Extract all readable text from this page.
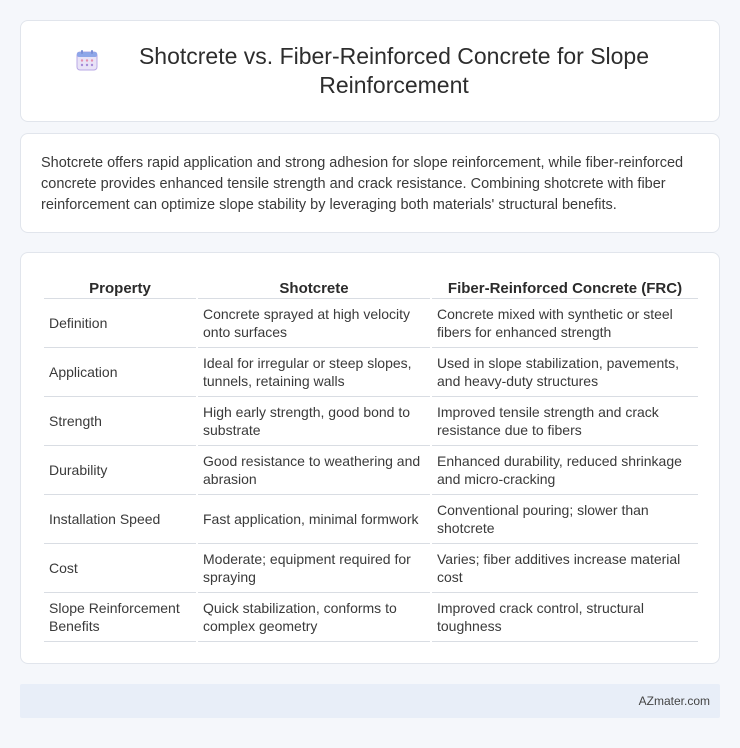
Shotcrete vs. Fiber-Reinforced Concrete for Slope Reinforcement

Shotcrete offers rapid application and strong adhesion for slope reinforcement, while fiber-reinforced concrete provides enhanced tensile strength and crack resistance. Combining shotcrete with fiber reinforcement can optimize slope stability by leveraging both materials' structural benefits.

Property	Shotcrete	Fiber-Reinforced Concrete (FRC)
Definition	Concrete sprayed at high velocity onto surfaces	Concrete mixed with synthetic or steel fibers for enhanced strength
Application	Ideal for irregular or steep slopes, tunnels, retaining walls	Used in slope stabilization, pavements, and heavy-duty structures
Strength	High early strength, good bond to substrate	Improved tensile strength and crack resistance due to fibers
Durability	Good resistance to weathering and abrasion	Enhanced durability, reduced shrinkage and micro-cracking
Installation Speed	Fast application, minimal formwork	Conventional pouring; slower than shotcrete
Cost	Moderate; equipment required for spraying	Varies; fiber additives increase material cost
Slope Reinforcement Benefits	Quick stabilization, conforms to complex geometry	Improved crack control, structural toughness
AZmater.com
